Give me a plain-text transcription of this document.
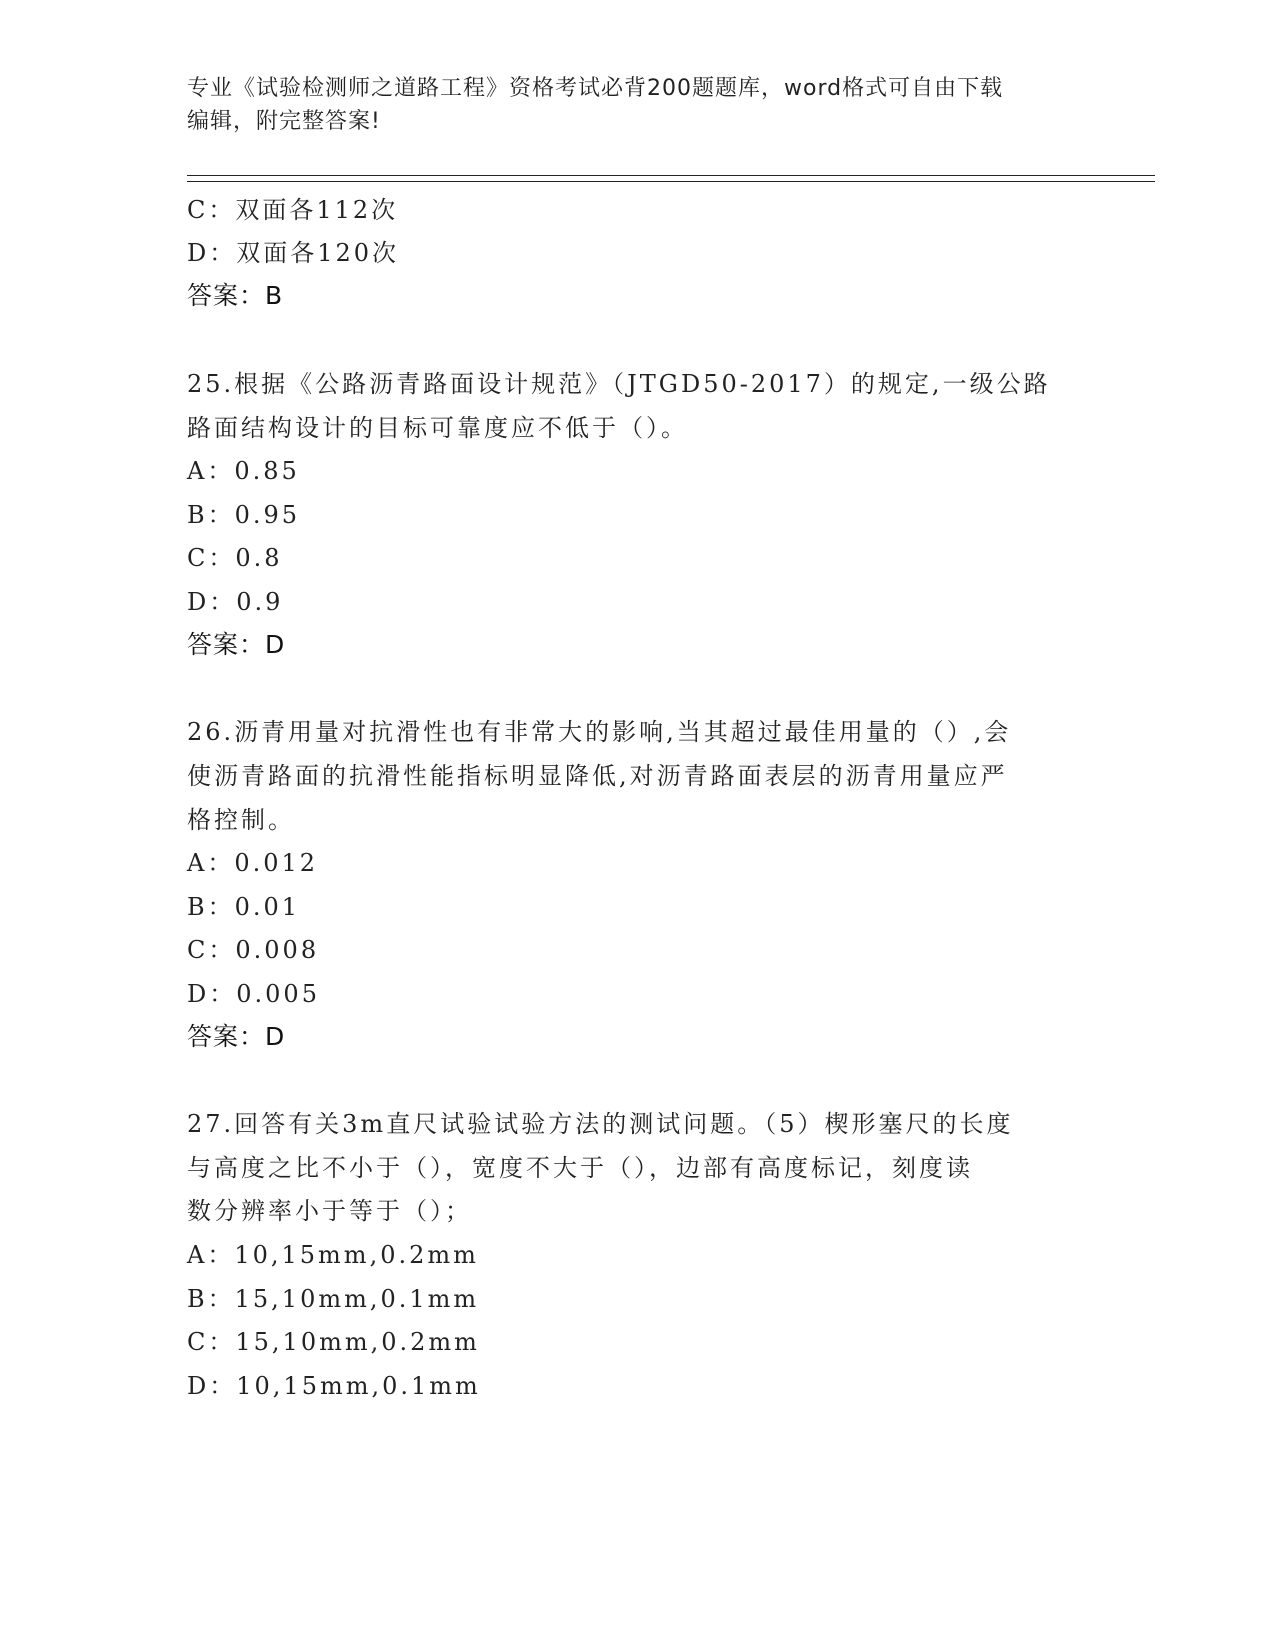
专业《试验检测师之道路工程》资格考试必背200题题库，word格式可自由下载
编辑，附完整答案!
C：双面各112次
D：双面各120次
答案：B
25.根据《公路沥青路面设计规范》（JTGD50-2017）的规定,一级公路
路面结构设计的目标可靠度应不低于（）。
A：0.85
B：0.95
C：0.8
D：0.9
答案：D
26.沥青用量对抗滑性也有非常大的影响,当其超过最佳用量的（）,会
使沥青路面的抗滑性能指标明显降低,对沥青路面表层的沥青用量应严
格控制。
A：0.012
B：0.01
C：0.008
D：0.005
答案：D
27.回答有关3m直尺试验试验方法的测试问题。（5）楔形塞尺的长度
与高度之比不小于（），宽度不大于（），边部有高度标记，刻度读
数分辨率小于等于（）；
A：10,15mm,0.2mm
B：15,10mm,0.1mm
C：15,10mm,0.2mm
D：10,15mm,0.1mm
